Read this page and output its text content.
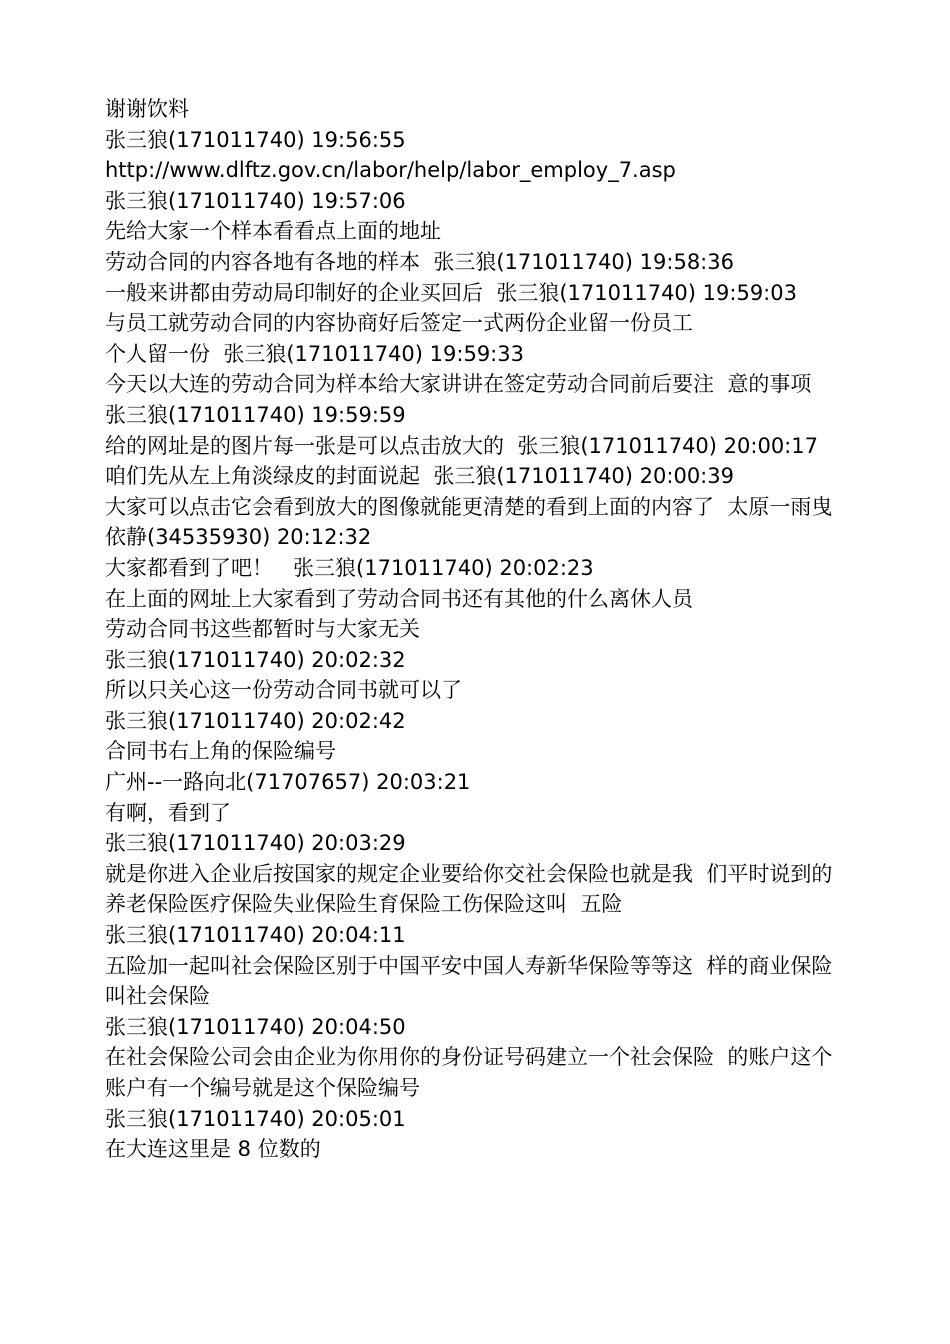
谢谢饮料

张三狼(171011740) 19:56:55

http://www.dlftz.gov.cn/labor/help/labor_employ_7.asp

张三狼(171011740) 19:57:06

先给大家一个样本看看点上面的地址

劳动合同的内容各地有各地的样本  张三狼(171011740) 19:58:36

一般来讲都由劳动局印制好的企业买回后  张三狼(171011740) 19:59:03

与员工就劳动合同的内容协商好后签定一式两份企业留一份员工

个人留一份  张三狼(171011740) 19:59:33

今天以大连的劳动合同为样本给大家讲讲在签定劳动合同前后要注  意的事项  张三狼(171011740) 19:59:59

给的网址是的图片每一张是可以点击放大的  张三狼(171011740) 20:00:17

咱们先从左上角淡绿皮的封面说起  张三狼(171011740) 20:00:39

大家可以点击它会看到放大的图像就能更清楚的看到上面的内容了  太原一雨曳依静(34535930) 20:12:32

大家都看到了吧！   张三狼(171011740) 20:02:23

在上面的网址上大家看到了劳动合同书还有其他的什么离休人员

劳动合同书这些都暂时与大家无关

张三狼(171011740) 20:02:32

所以只关心这一份劳动合同书就可以了

张三狼(171011740) 20:02:42

合同书右上角的保险编号

广州--一路向北(71707657) 20:03:21

有啊，看到了

张三狼(171011740) 20:03:29

就是你进入企业后按国家的规定企业要给你交社会保险也就是我  们平时说到的养老保险医疗保险失业保险生育保险工伤保险这叫  五险

张三狼(171011740) 20:04:11

五险加一起叫社会保险区别于中国平安中国人寿新华保险等等这  样的商业保险叫社会保险

张三狼(171011740) 20:04:50

在社会保险公司会由企业为你用你的身份证号码建立一个社会保险  的账户这个账户有一个编号就是这个保险编号

张三狼(171011740) 20:05:01

在大连这里是 8 位数的
